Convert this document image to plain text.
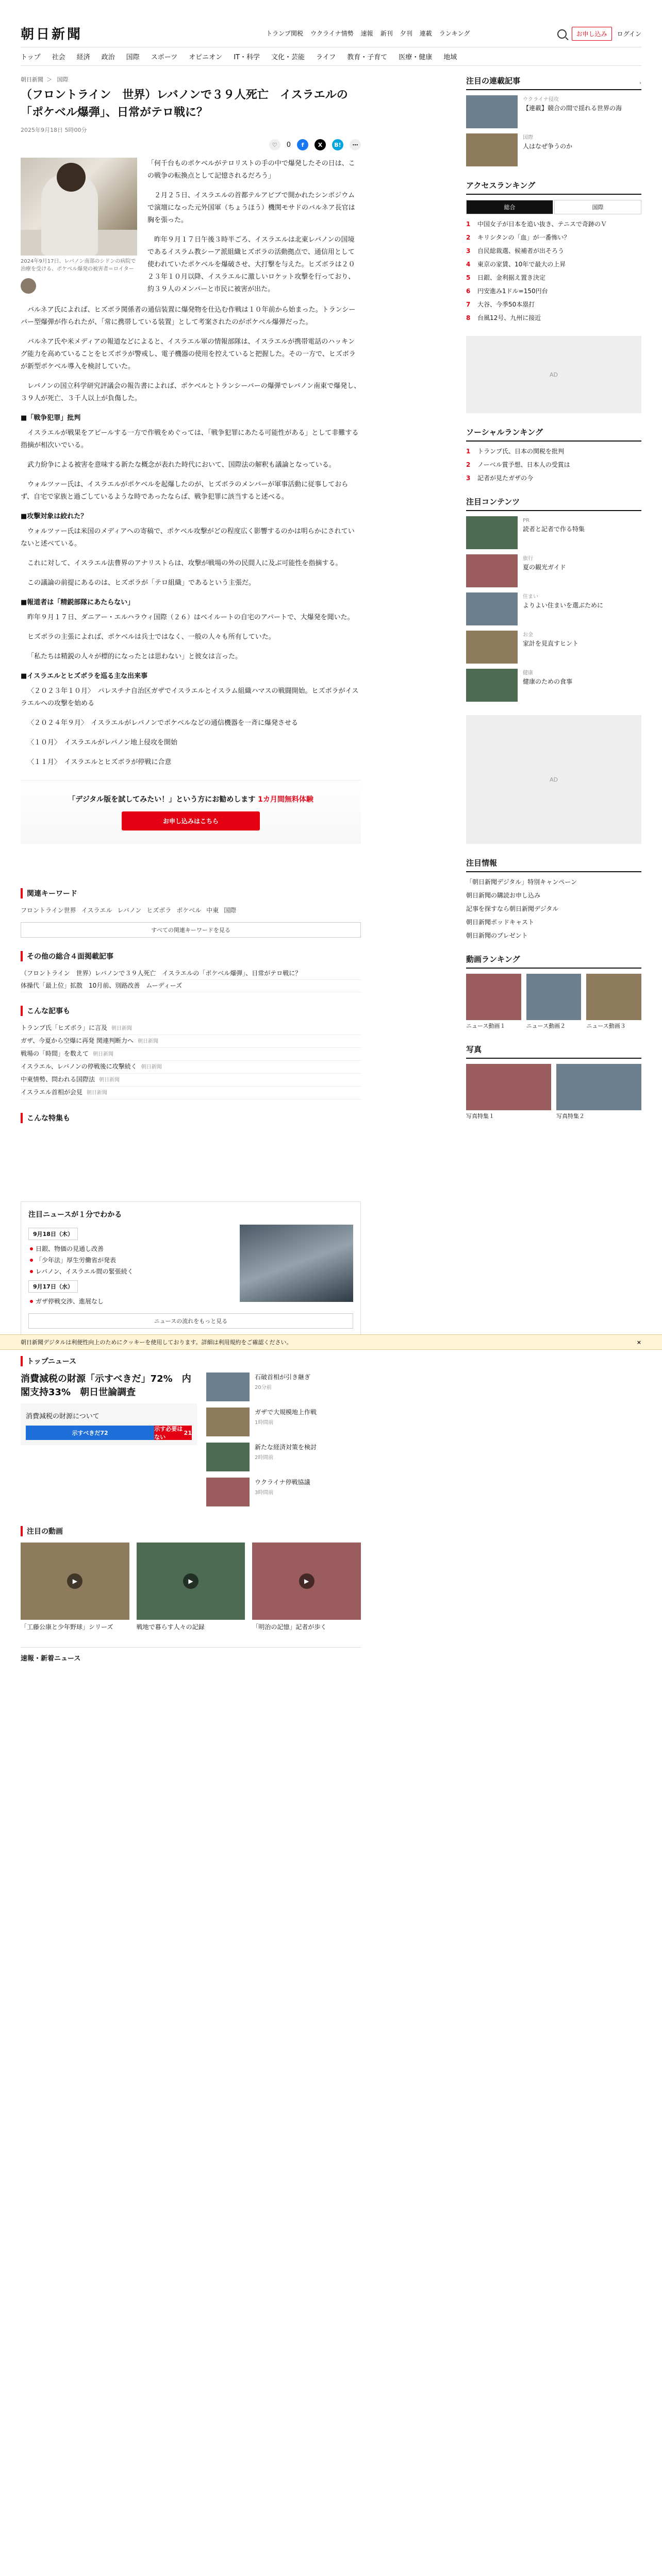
朝日新聞	トランプ関税 ウクライナ情勢 速報 新刊 夕刊 連載 ランキング	お申し込み	ログイン
トップ 社会 経済 政治 国際 スポーツ オピニオン IT・科学 文化・芸能 ライフ 教育・子育て 医療・健康 地域
朝日新聞 ＞ 国際
（フロントライン　世界）レバノンで３９人死亡　イスラエルの「ポケベル爆弾」、日常がテロ戦に？
2025年9月18日 5時00分
♡	0	f	X	B!	⋯
2024年9月17日、レバノン南部のシドンの病院で治療を受ける、ポケベル爆発の被害者＝ロイター

「何千台ものポケベルがテロリストの手の中で爆発したその日は、この戦争の転換点として記憶されるだろう」

２月２５日、イスラエルの首都テルアビブで開かれたシンポジウムで演壇になった元外国軍（ちょうほう）機関モサドのバルネア長官は胸を張った。

昨年９月１７日午後３時半ごろ、イスラエルは北東レバノンの国境であるイスラム教シーア派組織ヒズボラの活動拠点で、通信用として使われていたポケベルを爆破させ、大打撃を与えた。ヒズボラは２０２３年１０月以降、イスラエルに激しいロケット攻撃を行っており、約３９人のメンバーと市民に被害が出た。

バルネア氏によれば、ヒズボラ関係者の通信装置に爆発物を仕込む作戦は１０年前から始まった。トランシーバー型爆弾が作られたが、「常に携帯している装置」として考案されたのがポケベル爆弾だった。

バルネア氏や米メディアの報道などによると、イスラエル軍の情報部隊は、イスラエルが携帯電話のハッキング能力を高めていることをヒズボラが警戒し、電子機器の使用を控えていると把握した。その一方で、ヒズボラが新型ポケベル導入を検討していた。

レバノンの国立科学研究評議会の報告書によれば、ポケベルとトランシーバーの爆弾でレバノン南東で爆発し、３９人が死亡、３千人以上が負傷した。

■「戦争犯罪」批判

イスラエルが戦果をアピールする一方で作戦をめぐっては、「戦争犯罪にあたる可能性がある」として非難する指摘が相次いでいる。

武力紛争による被害を意味する新たな概念が表れた時代において、国際法の解釈も議論となっている。

ウォルツァー氏は、イスラエルがポケベルを起爆したのが、ヒズボラのメンバーが軍事活動に従事しておらず、自宅で家族と過ごしているような時であったならば、戦争犯罪に該当すると述べる。

■攻撃対象は絞れた？

ウォルツァー氏は米国のメディアへの寄稿で、ポケベル攻撃がどの程度広く影響するのかは明らかにされていないと述べている。

これに対して、イスラエル法曹界のアナリストらは、攻撃が戦場の外の民間人に及ぶ可能性を指摘する。

この議論の前提にあるのは、ヒズボラが「テロ組織」であるという主張だ。

■報道者は「精鋭部隊にあたらない」

昨年９月１７日、ダニアー・エルハラウィ国際（２６）はベイルートの自宅のアパートで、大爆発を聞いた。

ヒズボラの主張によれば、ポケベルは兵士ではなく、一般の人々も所有していた。

「私たちは精鋭の人々が標的になったとは思わない」と彼女は言った。

■イスラエルとヒズボラを巡る主な出来事

〈２０２３年１０月〉　パレスチナ自治区ガザでイスラエルとイスラム組織ハマスの戦闘開始。ヒズボラがイスラエルへの攻撃を始める

〈２０２４年９月〉　イスラエルがレバノンでポケベルなどの通信機器を一斉に爆発させる

〈１０月〉　イスラエルがレバノン地上侵攻を開始

〈１１月〉　イスラエルとヒズボラが停戦に合意

「デジタル版を試してみたい！」という方にお勧めします 1カ月間無料体験
お申し込みはこちら
関連キーワード
フロントライン世界 イスラエル レバノン ヒズボラ ポケベル 中東 国際
すべての関連キーワードを見る
その他の総合４面掲載記事
（フロントライン　世界）レバノンで３９人死亡　イスラエルの「ポケベル爆弾」、日常がテロ戦に？
体操代「最上位」拡散　10月前、別路改善　ムーディーズ
こんな記事も
トランプ氏「ヒズボラ」に言及 朝日新聞
ガザ、今夏から空爆に再発 関連判断力へ 朝日新聞
戦場の「時間」を数えて 朝日新聞
イスラエル、レバノンの停戦後に攻撃続く 朝日新聞
中東情勢、問われる国際法 朝日新聞
イスラエル首相が会見 朝日新聞
こんな特集も
注目ニュースが１分でわかる
9月18日（木）
日銀、物価の見通し改善
「少年法」厚生労働省が発表
レバノン、イスラエル間の緊張続く
9月17日（水）
ガザ停戦交渉、進展なし
ニュースの流れをもっと見る
トップニュース
消費減税の財源「示すべきだ」72%　内閣支持33%　朝日世論調査
消費減税の財源について
示すべきだ 72
示す必要はない
21
石破首相が引き継ぎ
20分前
ガザで大規模地上作戦
1時間前
新たな経済対策を検討
2時間前
ウクライナ停戦協議
3時間前
注目の動画
▶
「工藤公康と少年野球」シリーズ
▶
戦地で暮らす人々の記録
▶
「明治の記憶」記者が歩く
速報・新着ニュース
注目の連載記事	›
ウクライナ侵攻
【連載】競合の間で揺れる世界の海
国際
人はなぜ争うのか
アクセスランキング
総合	国際
1	中国女子が日本を追い抜き、テニスで奇跡のＶ
2	キリシタンの「血」が一番怖い？
3	自民総裁選、候補者が出そろう
4	東京の家賃、10年で最大の上昇
5	日銀、金利据え置き決定
6	円安進み1ドル=150円台
7	大谷、今季50本塁打
8	台風12号、九州に接近
AD
ソーシャルランキング
1	トランプ氏、日本の関税を批判
2	ノーベル賞予想、日本人の受賞は
3	記者が見たガザの今
注目コンテンツ
PR
読者と記者で作る特集
旅行
夏の観光ガイド
住まい
よりよい住まいを選ぶために
お金
家計を見直すヒント
健康
健康のための食事
AD
注目情報
「朝日新聞デジタル」特別キャンペーン
朝日新聞の購読お申し込み
記事を探すなら朝日新聞デジタル
朝日新聞ポッドキャスト
朝日新聞のプレゼント
動画ランキング
ニュース動画１	ニュース動画２	ニュース動画３
写真
写真特集１	写真特集２
朝日新聞デジタルは利便性向上のためにクッキーを使用しております。詳細は利用規約をご確認ください。	×
